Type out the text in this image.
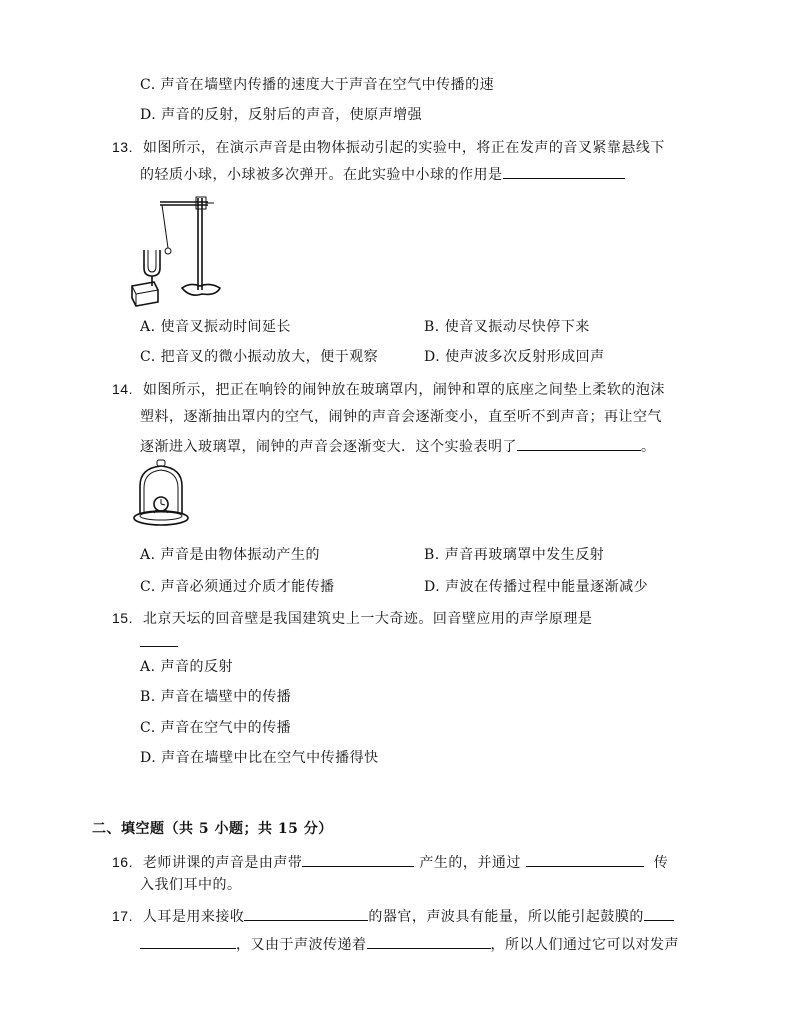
C. 声音在墙壁内传播的速度大于声音在空气中传播的速
D. 声音的反射，反射后的声音，使原声增强
13. 如图所示，在演示声音是由物体振动引起的实验中，将正在发声的音叉紧靠悬线下
的轻质小球，小球被多次弹开。在此实验中小球的作用是
A. 使音叉振动时间延长	B. 使音叉振动尽快停下来
C. 把音叉的微小振动放大，便于观察	D. 使声波多次反射形成回声
14. 如图所示，把正在响铃的闹钟放在玻璃罩内，闹钟和罩的底座之间垫上柔软的泡沫
塑料，逐渐抽出罩内的空气，闹钟的声音会逐渐变小，直至听不到声音；再让空气
逐渐进入玻璃罩，闹钟的声音会逐渐变大．这个实验表明了	。
A. 声音是由物体振动产生的	B. 声音再玻璃罩中发生反射
C. 声音必须通过介质才能传播	D. 声波在传播过程中能量逐渐减少
15. 北京天坛的回音壁是我国建筑史上一大奇迹。回音壁应用的声学原理是
A. 声音的反射
B. 声音在墙壁中的传播
C. 声音在空气中的传播
D. 声音在墙壁中比在空气中传播得快
二、填空题（共 5 小题；共 15 分）
16. 老师讲课的声音是由声带	产生的，并通过	传
入我们耳中的。
17. 人耳是用来接收	的器官，声波具有能量，所以能引起鼓膜的
，又由于声波传递着	，所以人们通过它可以对发声
